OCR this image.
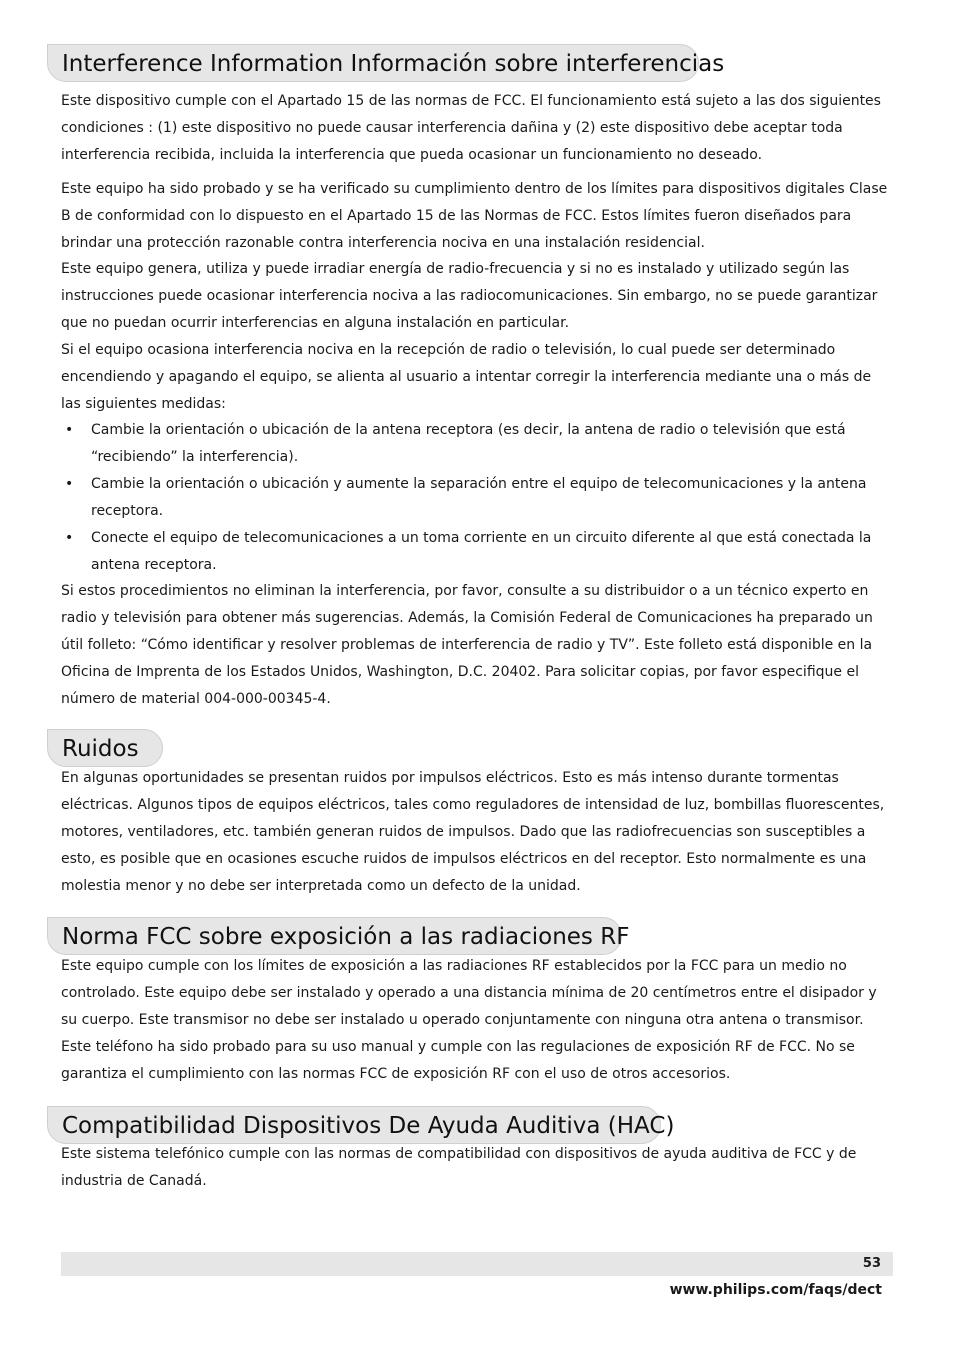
Interference Information Información sobre interferencias

Este dispositivo cumple con el Apartado 15 de las normas de FCC. El funcionamiento está sujeto a las dos siguientes condiciones : (1) este dispositivo no puede causar interferencia dañina y (2) este dispositivo debe aceptar toda interferencia recibida, incluida la interferencia que pueda ocasionar un funcionamiento no deseado.

Este equipo ha sido probado y se ha verificado su cumplimiento dentro de los límites para dispositivos digitales Clase B de conformidad con lo dispuesto en el Apartado 15 de las Normas de FCC. Estos límites fueron diseñados para brindar una protección razonable contra interferencia nociva en una instalación residencial.

Este equipo genera, utiliza y puede irradiar energía de radio-frecuencia y si no es instalado y utilizado según las instrucciones puede ocasionar interferencia nociva a las radiocomunicaciones. Sin embargo, no se puede garantizar que no puedan ocurrir interferencias en alguna instalación en particular.

Si el equipo ocasiona interferencia nociva en la recepción de radio o televisión, lo cual puede ser determinado encendiendo y apagando el equipo, se alienta al usuario a intentar corregir la interferencia mediante una o más de las siguientes medidas:

• Cambie la orientación o ubicación de la antena receptora (es decir, la antena de radio o televisión que está “recibiendo” la interferencia).
• Cambie la orientación o ubicación y aumente la separación entre el equipo de telecomunicaciones y la antena receptora.
• Conecte el equipo de telecomunicaciones a un toma corriente en un circuito diferente al que está conectada la antena receptora.

Si estos procedimientos no eliminan la interferencia, por favor, consulte a su distribuidor o a un técnico experto en radio y televisión para obtener más sugerencias. Además, la Comisión Federal de Comunicaciones ha preparado un útil folleto: “Cómo identificar y resolver problemas de interferencia de radio y TV”. Este folleto está disponible en la Oficina de Imprenta de los Estados Unidos, Washington, D.C. 20402. Para solicitar copias, por favor especifique el número de material 004-000-00345-4.

Ruidos

En algunas oportunidades se presentan ruidos por impulsos eléctricos. Esto es más intenso durante tormentas eléctricas. Algunos tipos de equipos eléctricos, tales como reguladores de intensidad de luz, bombillas fluorescentes, motores, ventiladores, etc. también generan ruidos de impulsos. Dado que las radiofrecuencias son susceptibles a esto, es posible que en ocasiones escuche ruidos de impulsos eléctricos en del receptor. Esto normalmente es una molestia menor y no debe ser interpretada como un defecto de la unidad.

Norma FCC sobre exposición a las radiaciones RF

Este equipo cumple con los límites de exposición a las radiaciones RF establecidos por la FCC para un medio no controlado. Este equipo debe ser instalado y operado a una distancia mínima de 20 centímetros entre el disipador y su cuerpo. Este transmisor no debe ser instalado u operado conjuntamente con ninguna otra antena o transmisor.

Este teléfono ha sido probado para su uso manual y cumple con las regulaciones de exposición RF de FCC. No se garantiza el cumplimiento con las normas FCC de exposición RF con el uso de otros accesorios.

Compatibilidad Dispositivos De Ayuda Auditiva (HAC)

Este sistema telefónico cumple con las normas de compatibilidad con dispositivos de ayuda auditiva de FCC y de industria de Canadá.

53
www.philips.com/faqs/dect
